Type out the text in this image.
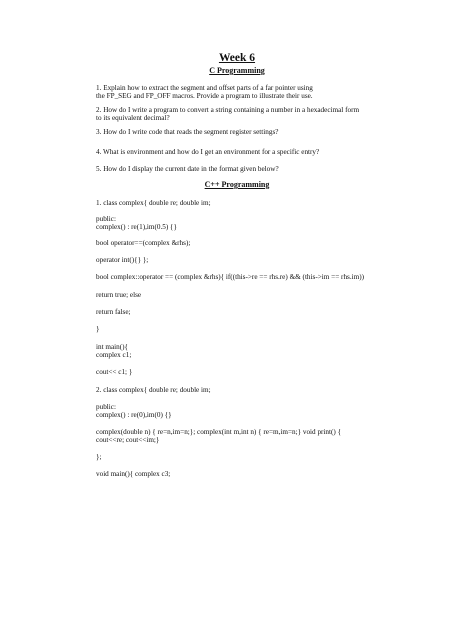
Week 6
C Programming
1. Explain how to extract the segment and offset parts of a far pointer using
the FP_SEG and FP_OFF macros. Provide a program to illustrate their use.
2. How do I write a program to convert a string containing a number in a hexadecimal form
to its equivalent decimal?
3. How do I write code that reads the segment register settings?
4. What is environment and how do I get an environment for a specific entry?
5. How do I display the current date in the format given below?
C++ Programming
1. class complex{ double re; double im;
public:
complex() : re(1),im(0.5) {}
bool operator==(complex &rhs);
operator int(){} };
bool complex::operator == (complex &rhs){ if((this->re == rhs.re) && (this->im == rhs.im))
return true; else
return false;
}
int main(){
complex c1;
cout<< c1; }
2. class complex{ double re; double im;
public:
complex() : re(0),im(0) {}
complex(double n) { re=n,im=n;}; complex(int m,int n) { re=m,im=n;} void print() {
cout<<re; cout<<im;}
};
void main(){ complex c3;
